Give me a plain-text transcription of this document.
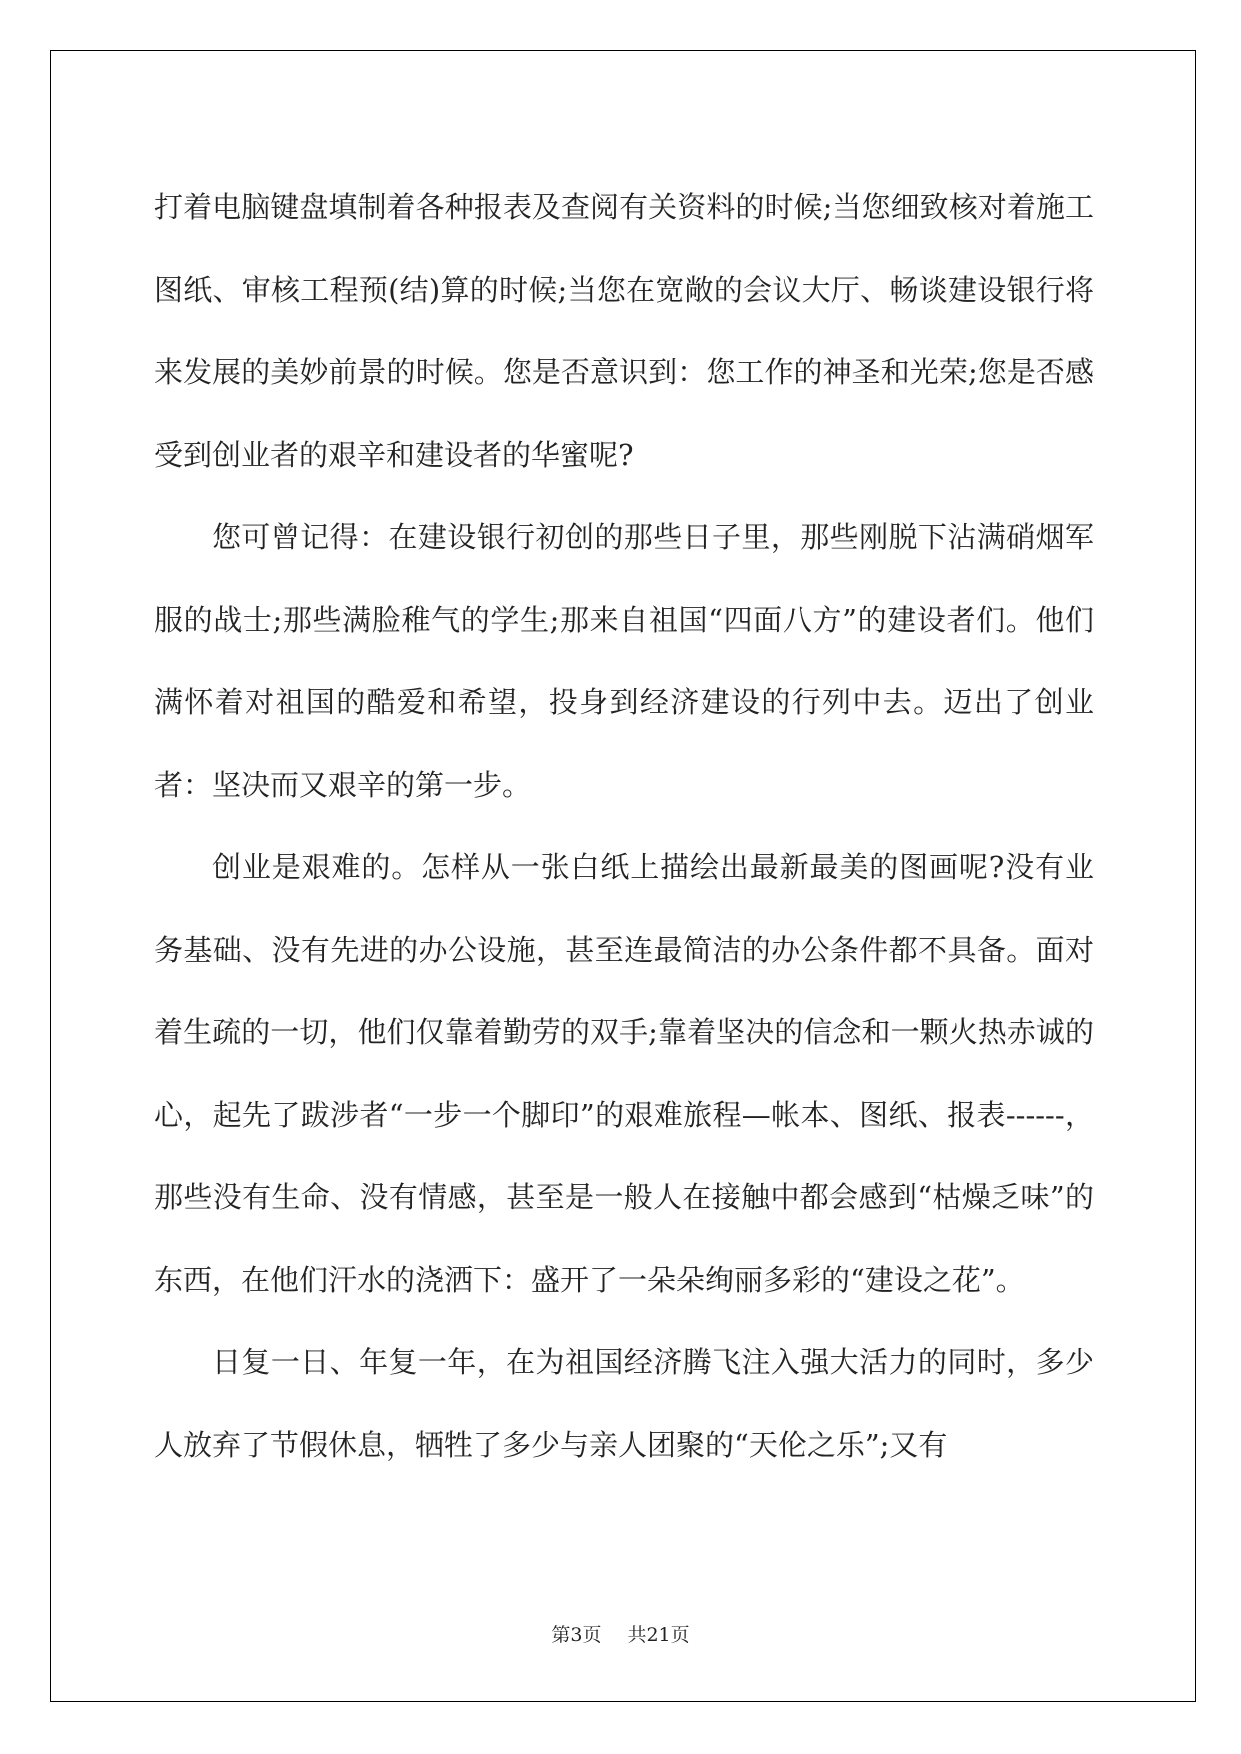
打着电脑键盘填制着各种报表及查阅有关资料的时候;当您细致核对着施工图纸、审核工程预(结)算的时候;当您在宽敞的会议大厅、畅谈建设银行将来发展的美妙前景的时候。您是否意识到：您工作的神圣和光荣;您是否感受到创业者的艰辛和建设者的华蜜呢?

您可曾记得：在建设银行初创的那些日子里，那些刚脱下沾满硝烟军服的战士;那些满脸稚气的学生;那来自祖国“四面八方”的建设者们。他们满怀着对祖国的酷爱和希望，投身到经济建设的行列中去。迈出了创业者：坚决而又艰辛的第一步。

创业是艰难的。怎样从一张白纸上描绘出最新最美的图画呢?没有业务基础、没有先进的办公设施，甚至连最简洁的办公条件都不具备。面对着生疏的一切，他们仅靠着勤劳的双手;靠着坚决的信念和一颗火热赤诚的心，起先了跋涉者“一步一个脚印”的艰难旅程—帐本、图纸、报表------，那些没有生命、没有情感，甚至是一般人在接触中都会感到“枯燥乏味”的东西，在他们汗水的浇洒下：盛开了一朵朵绚丽多彩的“建设之花”。

日复一日、年复一年，在为祖国经济腾飞注入强大活力的同时，多少人放弃了节假休息，牺牲了多少与亲人团聚的“天伦之乐”;又有

第3页 共21页
